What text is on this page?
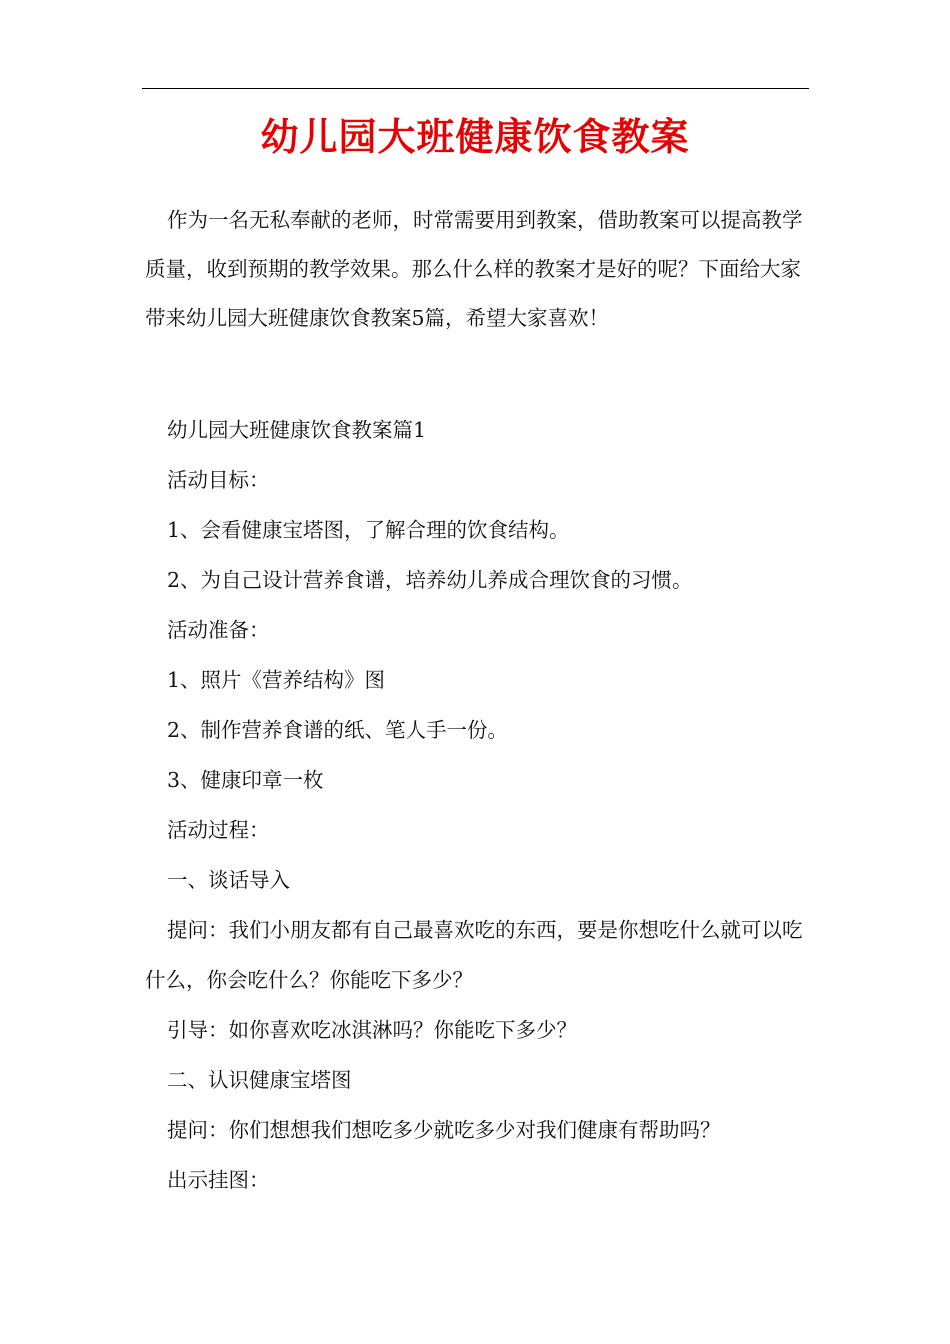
幼儿园大班健康饮食教案

作为一名无私奉献的老师，时常需要用到教案，借助教案可以提高教学质量，收到预期的教学效果。那么什么样的教案才是好的呢？下面给大家带来幼儿园大班健康饮食教案5篇，希望大家喜欢！

幼儿园大班健康饮食教案篇1

活动目标：

1、会看健康宝塔图，了解合理的饮食结构。

2、为自己设计营养食谱，培养幼儿养成合理饮食的习惯。

活动准备：

1、照片《营养结构》图

2、制作营养食谱的纸、笔人手一份。

3、健康印章一枚

活动过程：

一、谈话导入

提问：我们小朋友都有自己最喜欢吃的东西，要是你想吃什么就可以吃什么，你会吃什么？你能吃下多少？

引导：如你喜欢吃冰淇淋吗？你能吃下多少？

二、认识健康宝塔图

提问：你们想想我们想吃多少就吃多少对我们健康有帮助吗？

出示挂图：
